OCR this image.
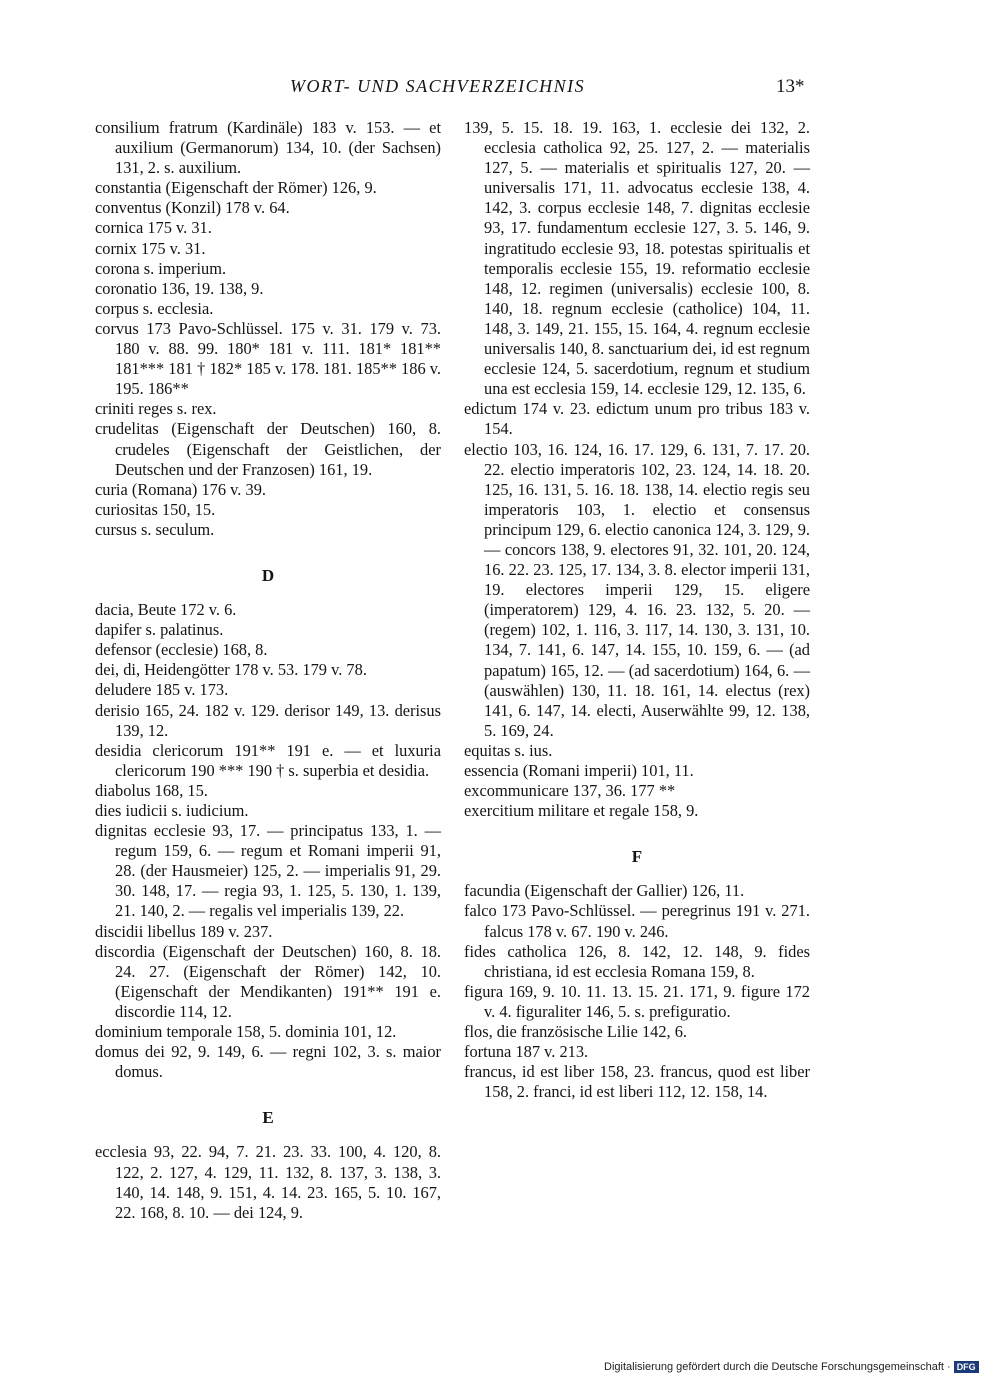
WORT- UND SACHVERZEICHNIS	13*

consilium fratrum (Kardinäle) 183 v. 153. — et auxilium (Germanorum) 134, 10. (der Sachsen) 131, 2. s. auxilium.

constantia (Eigenschaft der Römer) 126, 9.

conventus (Konzil) 178 v. 64.

cornica 175 v. 31.

cornix 175 v. 31.

corona s. imperium.

coronatio 136, 19. 138, 9.

corpus s. ecclesia.

corvus 173 Pavo-Schlüssel. 175 v. 31. 179 v. 73. 180 v. 88. 99. 180* 181 v. 111. 181* 181** 181*** 181 † 182* 185 v. 178. 181. 185** 186 v. 195. 186**

criniti reges s. rex.

crudelitas (Eigenschaft der Deutschen) 160, 8. crudeles (Eigenschaft der Geistlichen, der Deutschen und der Franzosen) 161, 19.

curia (Romana) 176 v. 39.

curiositas 150, 15.

cursus s. seculum.

D

dacia, Beute 172 v. 6.

dapifer s. palatinus.

defensor (ecclesie) 168, 8.

dei, di, Heidengötter 178 v. 53. 179 v. 78.

deludere 185 v. 173.

derisio 165, 24. 182 v. 129. derisor 149, 13. derisus 139, 12.

desidia clericorum 191** 191 e. — et luxuria clericorum 190 *** 190 † s. superbia et desidia.

diabolus 168, 15.

dies iudicii s. iudicium.

dignitas ecclesie 93, 17. — principatus 133, 1. — regum 159, 6. — regum et Romani imperii 91, 28. (der Hausmeier) 125, 2. — imperialis 91, 29. 30. 148, 17. — regia 93, 1. 125, 5. 130, 1. 139, 21. 140, 2. — regalis vel imperialis 139, 22.

discidii libellus 189 v. 237.

discordia (Eigenschaft der Deutschen) 160, 8. 18. 24. 27. (Eigenschaft der Römer) 142, 10. (Eigenschaft der Mendikanten) 191** 191 e. discordie 114, 12.

dominium temporale 158, 5. dominia 101, 12.

domus dei 92, 9. 149, 6. — regni 102, 3. s. maior domus.

E

ecclesia 93, 22. 94, 7. 21. 23. 33. 100, 4. 120, 8. 122, 2. 127, 4. 129, 11. 132, 8. 137, 3. 138, 3. 140, 14. 148, 9. 151, 4. 14. 23. 165, 5. 10. 167, 22. 168, 8. 10. — dei 124, 9.

139, 5. 15. 18. 19. 163, 1. ecclesie dei 132, 2. ecclesia catholica 92, 25. 127, 2. — materialis 127, 5. — materialis et spiritualis 127, 20. — universalis 171, 11. advocatus ecclesie 138, 4. 142, 3. corpus ecclesie 148, 7. dignitas ecclesie 93, 17. fundamentum ecclesie 127, 3. 5. 146, 9. ingratitudo ecclesie 93, 18. potestas spiritualis et temporalis ecclesie 155, 19. reformatio ecclesie 148, 12. regimen (universalis) ecclesie 100, 8. 140, 18. regnum ecclesie (catholice) 104, 11. 148, 3. 149, 21. 155, 15. 164, 4. regnum ecclesie universalis 140, 8. sanctuarium dei, id est regnum ecclesie 124, 5. sacerdotium, regnum et studium una est ecclesia 159, 14. ecclesie 129, 12. 135, 6.

edictum 174 v. 23. edictum unum pro tribus 183 v. 154.

electio 103, 16. 124, 16. 17. 129, 6. 131, 7. 17. 20. 22. electio imperatoris 102, 23. 124, 14. 18. 20. 125, 16. 131, 5. 16. 18. 138, 14. electio regis seu imperatoris 103, 1. electio et consensus principum 129, 6. electio canonica 124, 3. 129, 9. — concors 138, 9. electores 91, 32. 101, 20. 124, 16. 22. 23. 125, 17. 134, 3. 8. elector imperii 131, 19. electores imperii 129, 15. eligere (imperatorem) 129, 4. 16. 23. 132, 5. 20. — (regem) 102, 1. 116, 3. 117, 14. 130, 3. 131, 10. 134, 7. 141, 6. 147, 14. 155, 10. 159, 6. — (ad papatum) 165, 12. — (ad sacerdotium) 164, 6. — (auswählen) 130, 11. 18. 161, 14. electus (rex) 141, 6. 147, 14. electi, Auserwählte 99, 12. 138, 5. 169, 24.

equitas s. ius.

essencia (Romani imperii) 101, 11.

excommunicare 137, 36. 177 **

exercitium militare et regale 158, 9.

F

facundia (Eigenschaft der Gallier) 126, 11.

falco 173 Pavo-Schlüssel. — peregrinus 191 v. 271. falcus 178 v. 67. 190 v. 246.

fides catholica 126, 8. 142, 12. 148, 9. fides christiana, id est ecclesia Romana 159, 8.

figura 169, 9. 10. 11. 13. 15. 21. 171, 9. figure 172 v. 4. figuraliter 146, 5. s. prefiguratio.

flos, die französische Lilie 142, 6.

fortuna 187 v. 213.

francus, id est liber 158, 23. francus, quod est liber 158, 2. franci, id est liberi 112, 12. 158, 14.

Digitalisierung gefördert durch die Deutsche Forschungsgemeinschaft · DFG
